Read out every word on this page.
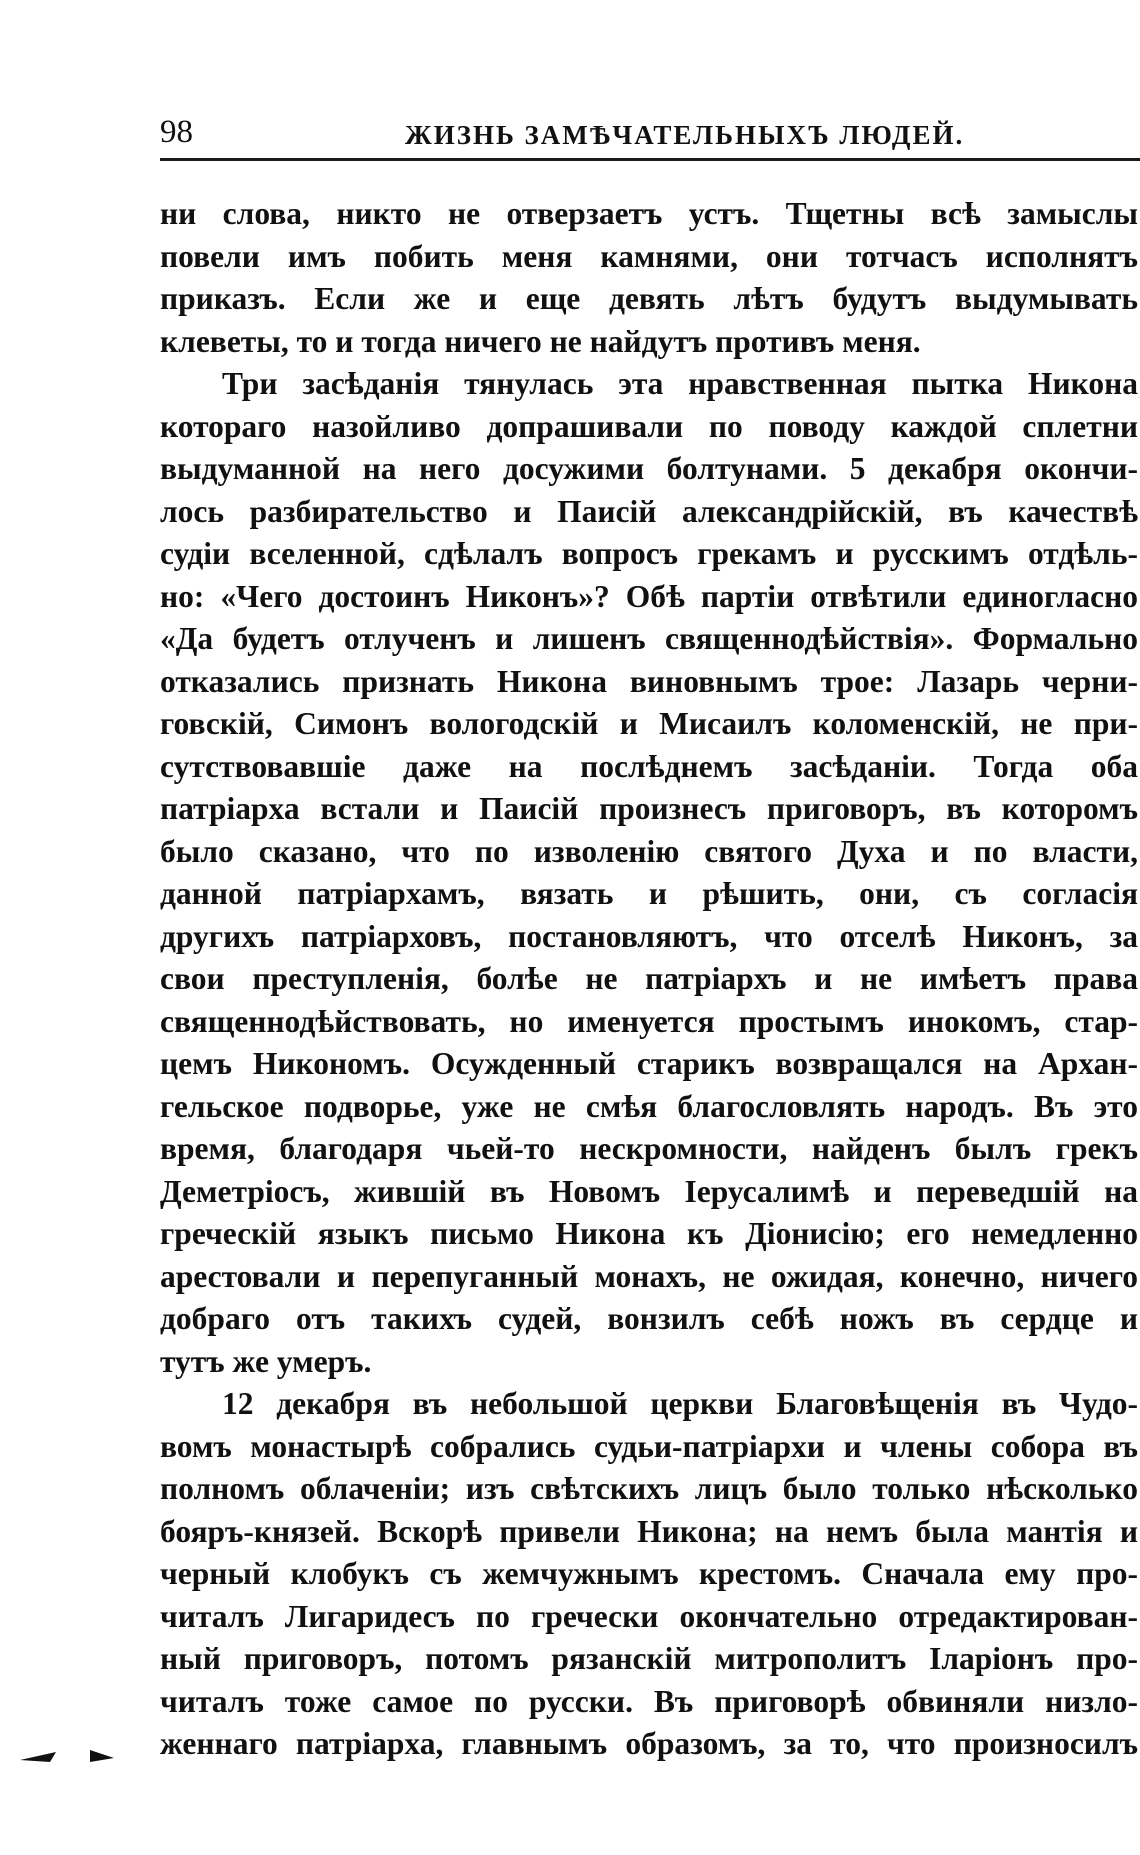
98	ЖИЗНЬ ЗАМѢЧАТЕЛЬНЫХЪ ЛЮДЕЙ.
ни слова, никто не отверзаетъ устъ. Тщетны всѣ замыслы
повели имъ побить меня камнями, они тотчасъ исполнятъ
приказъ. Если же и еще девять лѣтъ будутъ выдумывать
клеветы, то и тогда ничего не найдутъ противъ меня.
Три засѣданія тянулась эта нравственная пытка Никона
котораго назойливо допрашивали по поводу каждой сплетни
выдуманной на него досужими болтунами. 5 декабря окончи-
лось разбирательство и Паисій александрійскій, въ качествѣ
судіи вселенной, сдѣлалъ вопросъ грекамъ и русскимъ отдѣль-
но: «Чего достоинъ Никонъ»? Обѣ партіи отвѣтили единогласно
«Да будетъ отлученъ и лишенъ священнодѣйствія». Формально
отказались признать Никона виновнымъ трое: Лазарь черни-
говскій, Симонъ вологодскій и Мисаилъ коломенскій, не при-
сутствовавшіе даже на послѣднемъ засѣданіи. Тогда оба
патріарха встали и Паисій произнесъ приговоръ, въ которомъ
было сказано, что по изволенію святого Духа и по власти,
данной патріархамъ, вязать и рѣшить, они, съ согласія
другихъ патріарховъ, постановляютъ, что отселѣ Никонъ, за
свои преступленія, болѣе не патріархъ и не имѣетъ права
священнодѣйствовать, но именуется простымъ инокомъ, стар-
цемъ Никономъ. Осужденный старикъ возвращался на Архан-
гельское подворье, уже не смѣя благословлять народъ. Въ это
время, благодаря чьей-то нескромности, найденъ былъ грекъ
Деметріосъ, жившій въ Новомъ Іерусалимѣ и переведшій на
греческій языкъ письмо Никона къ Діонисію; его немедленно
арестовали и перепуганный монахъ, не ожидая, конечно, ничего
добраго отъ такихъ судей, вонзилъ себѣ ножъ въ сердце и
тутъ же умеръ.
12 декабря въ небольшой церкви Благовѣщенія въ Чудо-
вомъ монастырѣ собрались судьи-патріархи и члены собора въ
полномъ облаченіи; изъ свѣтскихъ лицъ было только нѣсколько
бояръ-князей. Вскорѣ привели Никона; на немъ была мантія и
черный клобукъ съ жемчужнымъ крестомъ. Сначала ему про-
читалъ Лигаридесъ по гречески окончательно отредактирован-
ный приговоръ, потомъ рязанскій митрополитъ Іларіонъ про-
читалъ тоже самое по русски. Въ приговорѣ обвиняли низло-
женнаго патріарха, главнымъ образомъ, за то, что произносилъ
